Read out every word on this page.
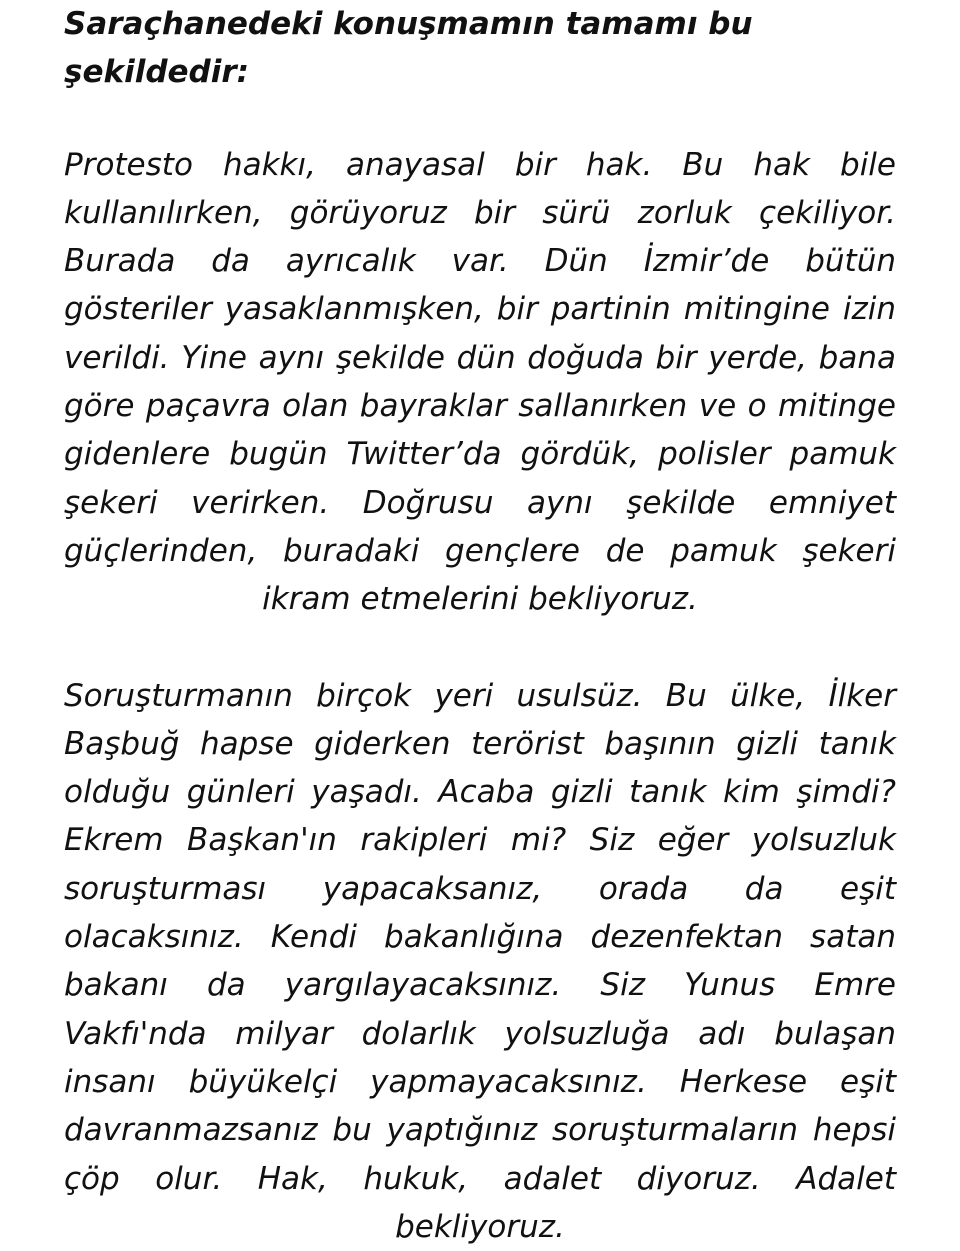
Saraçhanedeki konuşmamın tamamı bu şekildedir:

Protesto hakkı, anayasal bir hak. Bu hak bile kullanılırken, görüyoruz bir sürü zorluk çekiliyor. Burada da ayrıcalık var. Dün İzmir’de bütün gösteriler yasaklanmışken, bir partinin mitingine izin verildi. Yine aynı şekilde dün doğuda bir yerde, bana göre paçavra olan bayraklar sallanırken ve o mitinge gidenlere bugün Twitter’da gördük, polisler pamuk şekeri verirken. Doğrusu aynı şekilde emniyet güçlerinden, buradaki gençlere de pamuk şekeri ikram etmelerini bekliyoruz.

Soruşturmanın birçok yeri usulsüz. Bu ülke, İlker Başbuğ hapse giderken terörist başının gizli tanık olduğu günleri yaşadı. Acaba gizli tanık kim şimdi? Ekrem Başkan'ın rakipleri mi? Siz eğer yolsuzluk soruşturması yapacaksanız, orada da eşit olacaksınız. Kendi bakanlığına dezenfektan satan bakanı da yargılayacaksınız. Siz Yunus Emre Vakfı'nda milyar dolarlık yolsuzluğa adı bulaşan insanı büyükelçi yapmayacaksınız. Herkese eşit davranmazsanız bu yaptığınız soruşturmaların hepsi çöp olur. Hak, hukuk, adalet diyoruz. Adalet bekliyoruz.
